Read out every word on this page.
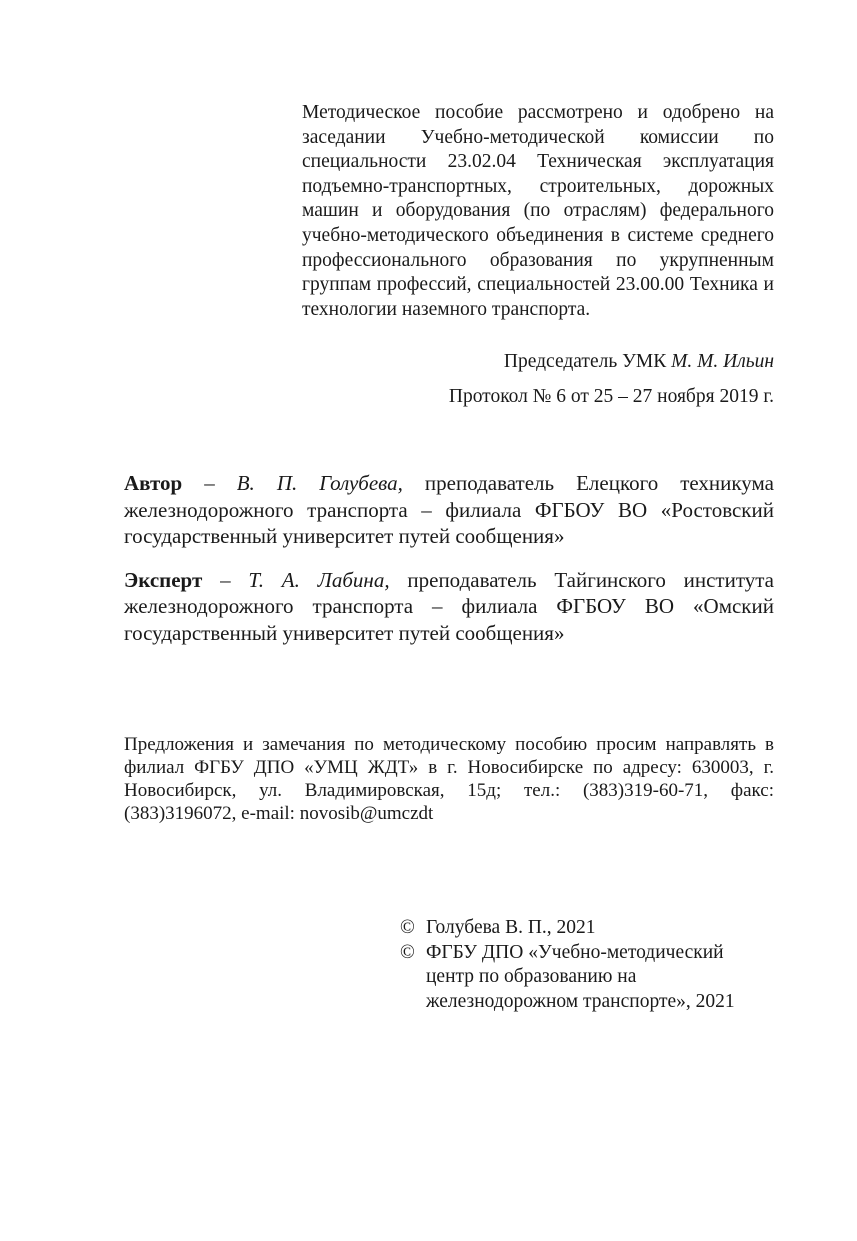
Методическое пособие рассмотрено и одобрено на заседании Учебно-методической комиссии по специальности 23.02.04 Техническая эксплуатация подъемно-транспортных, строительных, дорожных машин и оборудования (по отраслям) федерального учебно-методического объединения в системе среднего профессионального образования по укрупненным группам профессий, специальностей 23.00.00 Техника и технологии наземного транспорта.
Председатель УМК М. М. Ильин
Протокол № 6 от 25 – 27 ноября 2019 г.

Автор – В. П. Голубева, преподаватель Елецкого техникума железнодорожного транспорта – филиала ФГБОУ ВО «Ростовский государственный университет путей сообщения»

Эксперт – Т. А. Лабина, преподаватель Тайгинского института железнодорожного транспорта – филиала ФГБОУ ВО «Омский государственный университет путей сообщения»

Предложения и замечания по методическому пособию просим направлять в филиал ФГБУ ДПО «УМЦ ЖДТ» в г. Новосибирске по адресу: 630003, г. Новосибирск, ул. Владимировская, 15д; тел.: (383)319-60-71, факс: (383)3196072, e-mail: novosib@umczdt
© Голубева В. П., 2021
© ФГБУ ДПО «Учебно-методический центр по образованию на железнодорожном транспорте», 2021
